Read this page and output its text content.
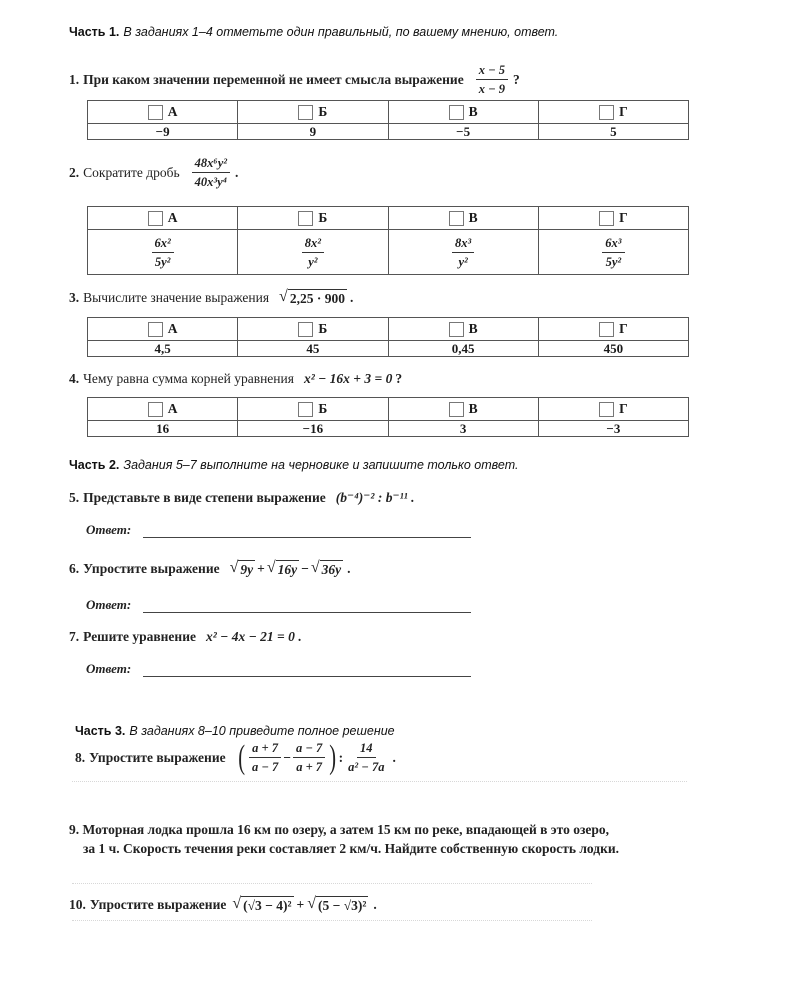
Часть 1. В заданиях 1–4 отметьте один правильный, по вашему мнению, ответ.
1. При каком значении переменной не имеет смысла выражение $\frac{x - 5}{x - 9}$ ?
А	Б	В	Г
−9	9	−5	5
2. Сократите дробь $\frac{\text{48x⁶y²}}{\text{40x³y⁴}}$ .
А	Б	В	Г

$\frac{\text{6x²}}{\text{5y²}}$	$\frac{\text{8x²}}{\text{y²}}$	$\frac{\text{8x³}}{\text{y²}}$	$\frac{\text{6x³}}{\text{5y²}}$
3. Вычислите значение выражения √ 2,25 · 900 .
А	Б	В	Г
4,5	45	0,45	450
4. Чему равна сумма корней уравнения x² − 16x + 3 = 0 ?
А	Б	В	Г
16	−16	3	−3
Часть 2. Задания 5–7 выполните на черновике и запишите только ответ.
5. Представьте в виде степени выражение (b⁻⁴)⁻² : b⁻¹¹ .
Ответ:
6. Упростите выражение √ 9y + √ 16y − √ 36y .
Ответ:
7. Решите уравнение x² − 4x − 21 = 0 .
Ответ:
Часть 3. В заданиях 8–10 приведите полное решение
8. Упростите выражение ( $\frac{a + 7}{a - 7} - \frac{a - 7}{a + 7}$ ) : $\frac{14}{\text{a² − 7a}}$ .
9. Моторная лодка прошла 16 км по озеру, а затем 15 км по реке, впадающей в это озеро,
за 1 ч. Скорость течения реки составляет 2 км/ч. Найдите собственную скорость лодки.
10. Упростите выражение √ (√3 − 4)² + √ (5 − √3)² .
